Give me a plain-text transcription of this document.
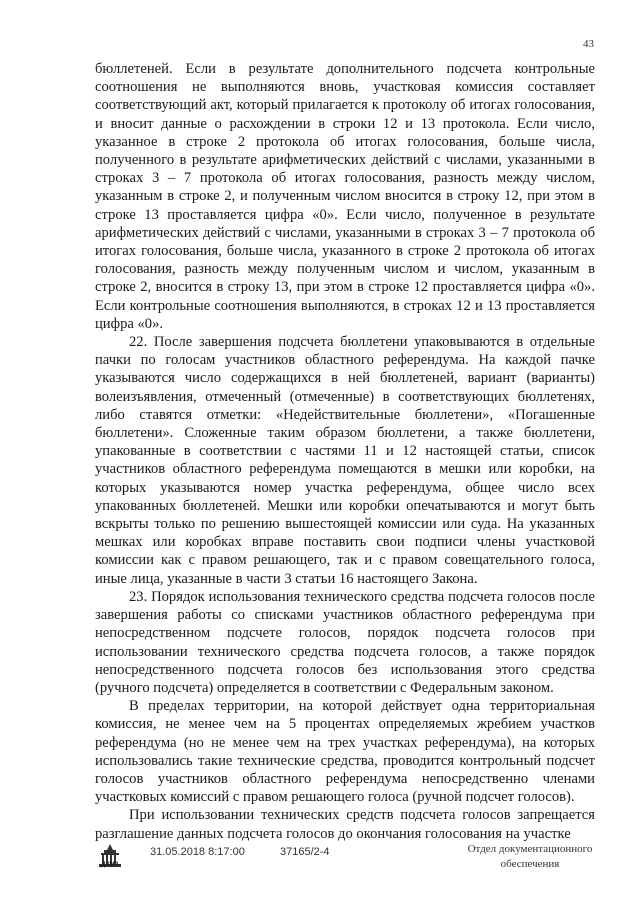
43

бюллетеней. Если в результате дополнительного подсчета контрольные соотношения не выполняются вновь, участковая комиссия составляет соответствующий акт, который прилагается к протоколу об итогах голосования, и вносит данные о расхождении в строки 12 и 13 протокола. Если число, указанное в строке 2 протокола об итогах голосования, больше числа, полученного в результате арифметических действий с числами, указанными в строках 3 – 7 протокола об итогах голосования, разность между числом, указанным в строке 2, и полученным числом вносится в строку 12, при этом в строке 13 проставляется цифра «0». Если число, полученное в результате арифметических действий с числами, указанными в строках 3 – 7 протокола об итогах голосования, больше числа, указанного в строке 2 протокола об итогах голосования, разность между полученным числом и числом, указанным в строке 2, вносится в строку 13, при этом в строке 12 проставляется цифра «0». Если контрольные соотношения выполняются, в строках 12 и 13 проставляется цифра «0».

22. После завершения подсчета бюллетени упаковываются в отдельные пачки по голосам участников областного референдума. На каждой пачке указываются число содержащихся в ней бюллетеней, вариант (варианты) волеизъявления, отмеченный (отмеченные) в соответствующих бюллетенях, либо ставятся отметки: «Недействительные бюллетени», «Погашенные бюллетени». Сложенные таким образом бюллетени, а также бюллетени, упакованные в соответствии с частями 11 и 12 настоящей статьи, список участников областного референдума помещаются в мешки или коробки, на которых указываются номер участка референдума, общее число всех упакованных бюллетеней. Мешки или коробки опечатываются и могут быть вскрыты только по решению вышестоящей комиссии или суда. На указанных мешках или коробках вправе поставить свои подписи члены участковой комиссии как с правом решающего, так и с правом совещательного голоса, иные лица, указанные в части 3 статьи 16 настоящего Закона.

23. Порядок использования технического средства подсчета голосов после завершения работы со списками участников областного референдума при непосредственном подсчете голосов, порядок подсчета голосов при использовании технического средства подсчета голосов, а также порядок непосредственного подсчета голосов без использования этого средства (ручного подсчета) определяется в соответствии с Федеральным законом.

В пределах территории, на которой действует одна территориальная комиссия, не менее чем на 5 процентах определяемых жребием участков референдума (но не менее чем на трех участках референдума), на которых использовались такие технические средства, проводится контрольный подсчет голосов участников областного референдума непосредственно членами участковых комиссий с правом решающего голоса (ручной подсчет голосов).

При использовании технических средств подсчета голосов запрещается разглашение данных подсчета голосов до окончания голосования на участке

ДУМА
31.05.2018 8:17:00	37165/2-4	Отдел документационного
обеспечения
